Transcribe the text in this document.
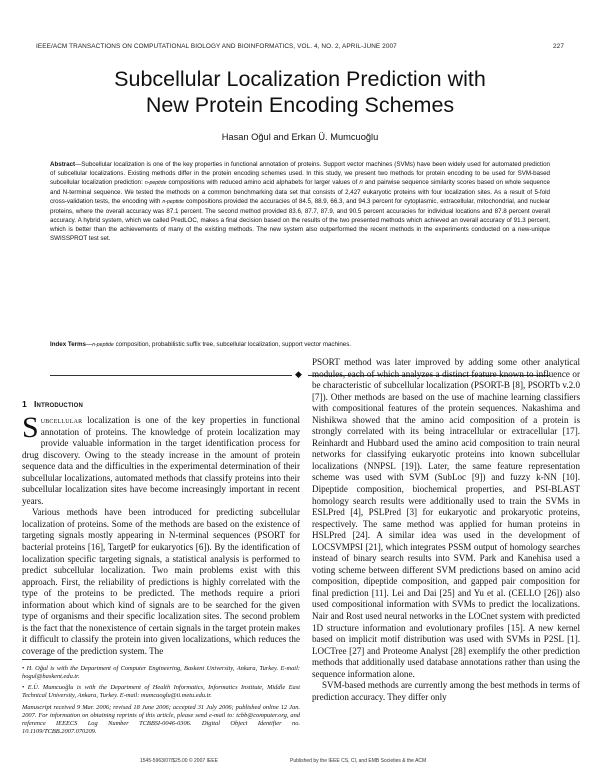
IEEE/ACM TRANSACTIONS ON COMPUTATIONAL BIOLOGY AND BIOINFORMATICS, VOL. 4, NO. 2, APRIL-JUNE 2007	227
Subcellular Localization Prediction with
New Protein Encoding Schemes
Hasan Oğul and Erkan Ü. Mumcuoğlu
Abstract—Subcellular localization is one of the key properties in functional annotation of proteins. Support vector machines (SVMs) have been widely used for automated prediction of subcellular localizations. Existing methods differ in the protein encoding schemes used. In this study, we present two methods for protein encoding to be used for SVM-based subcellular localization prediction: n-peptide compositions with reduced amino acid alphabets for larger values of n and pairwise sequence similarity scores based on whole sequence and N-terminal sequence. We tested the methods on a common benchmarking data set that consists of 2,427 eukaryotic proteins with four localization sites. As a result of 5-fold cross-validation tests, the encoding with n-peptide compositions provided the accuracies of 84.5, 88.9, 66.3, and 94.3 percent for cytoplasmic, extracellular, mitochondrial, and nuclear proteins, where the overall accuracy was 87.1 percent. The second method provided 83.6, 87.7, 87.9, and 90.5 percent accuracies for individual locations and 87.8 percent overall accuracy. A hybrid system, which we called PredLOC, makes a final decision based on the results of the two presented methods which achieved an overall accuracy of 91.3 percent, which is better than the achievements of many of the existing methods. The new system also outperformed the recent methods in the experiments conducted on a new-unique SWISSPROT test set.
Index Terms—n-peptide composition, probabilistic suffix tree, subcellular localization, support vector machines.
◆
1 Introduction

Subcellular localization is one of the key properties in functional annotation of proteins. The knowledge of protein localization may provide valuable information in the target identification process for drug discovery. Owing to the steady increase in the amount of protein sequence data and the difficulties in the experimental determination of their subcellular localizations, automated methods that classify proteins into their subcellular localization sites have become increasingly important in recent years.

Various methods have been introduced for predicting subcellular localization of proteins. Some of the methods are based on the existence of targeting signals mostly appearing in N-terminal sequences (PSORT for bacterial proteins [16], TargetP for eukaryotics [6]). By the identification of localization specific targeting signals, a statistical analysis is performed to predict subcellular localization. Two main problems exist with this approach. First, the reliability of predictions is highly correlated with the type of the proteins to be predicted. The methods require a priori information about which kind of signals are to be searched for the given type of organisms and their specific localization sites. The second problem is the fact that the nonexistence of certain signals in the target protein makes it difficult to classify the protein into given localizations, which reduces the coverage of the prediction system. The

PSORT method was later improved by adding some other analytical modules, each of which analyzes a distinct feature known to influence or be characteristic of subcellular localization (PSORT-B [8], PSORTb v.2.0 [7]). Other methods are based on the use of machine learning classifiers with compositional features of the protein sequences. Nakashima and Nishikwa showed that the amino acid composition of a protein is strongly correlated with its being intracellular or extracellular [17]. Reinhardt and Hubbard used the amino acid composition to train neural networks for classifying eukaryotic proteins into known subcellular localizations (NNPSL [19]). Later, the same feature representation scheme was used with SVM (SubLoc [9]) and fuzzy k-NN [10]. Dipeptide composition, biochemical properties, and PSI-BLAST homology search results were additionally used to train the SVMs in ESLPred [4], PSLPred [3] for eukaryotic and prokaryotic proteins, respectively. The same method was applied for human proteins in HSLPred [24]. A similar idea was used in the development of LOCSVMPSI [21], which integrates PSSM output of homology searches instead of binary search results into SVM. Park and Kanehisa used a voting scheme between different SVM predictions based on amino acid composition, dipeptide composition, and gapped pair composition for final prediction [11]. Lei and Dai [25] and Yu et al. (CELLO [26]) also used compositional information with SVMs to predict the localizations. Nair and Rost used neural networks in the LOCnet system with predicted 1D structure information and evolutionary profiles [15]. A new kernel based on implicit motif distribution was used with SVMs in P2SL [1]. LOCTree [27] and Proteome Analyst [28] exemplify the other prediction methods that additionally used database annotations rather than using the sequence information alone.

SVM-based methods are currently among the best methods in terms of prediction accuracy. They differ only

• H. Oğul is with the Department of Computer Engineering, Baskent University, Ankara, Turkey. E-mail: hogul@baskent.edu.tr.
• E.Ü. Mumcuoğlu is with the Department of Health Informatics, Informatics Institute, Middle East Technical University, Ankara, Turkey. E-mail: mumcuoglu@ii.metu.edu.tr.
Manuscript received 9 Mar. 2006; revised 18 June 2006; accepted 31 July 2006; published online 12 Jan. 2007. For information on obtaining reprints of this article, please send e-mail to: tcbb@computer.org, and reference IEEECS Log Number TCBBSI-0046-0306. Digital Object Identifier no. 10.1109/TCBB.2007.070209.
1545-5963/07/$25.00 © 2007 IEEE	Published by the IEEE CS, CI, and EMB Societies & the ACM
